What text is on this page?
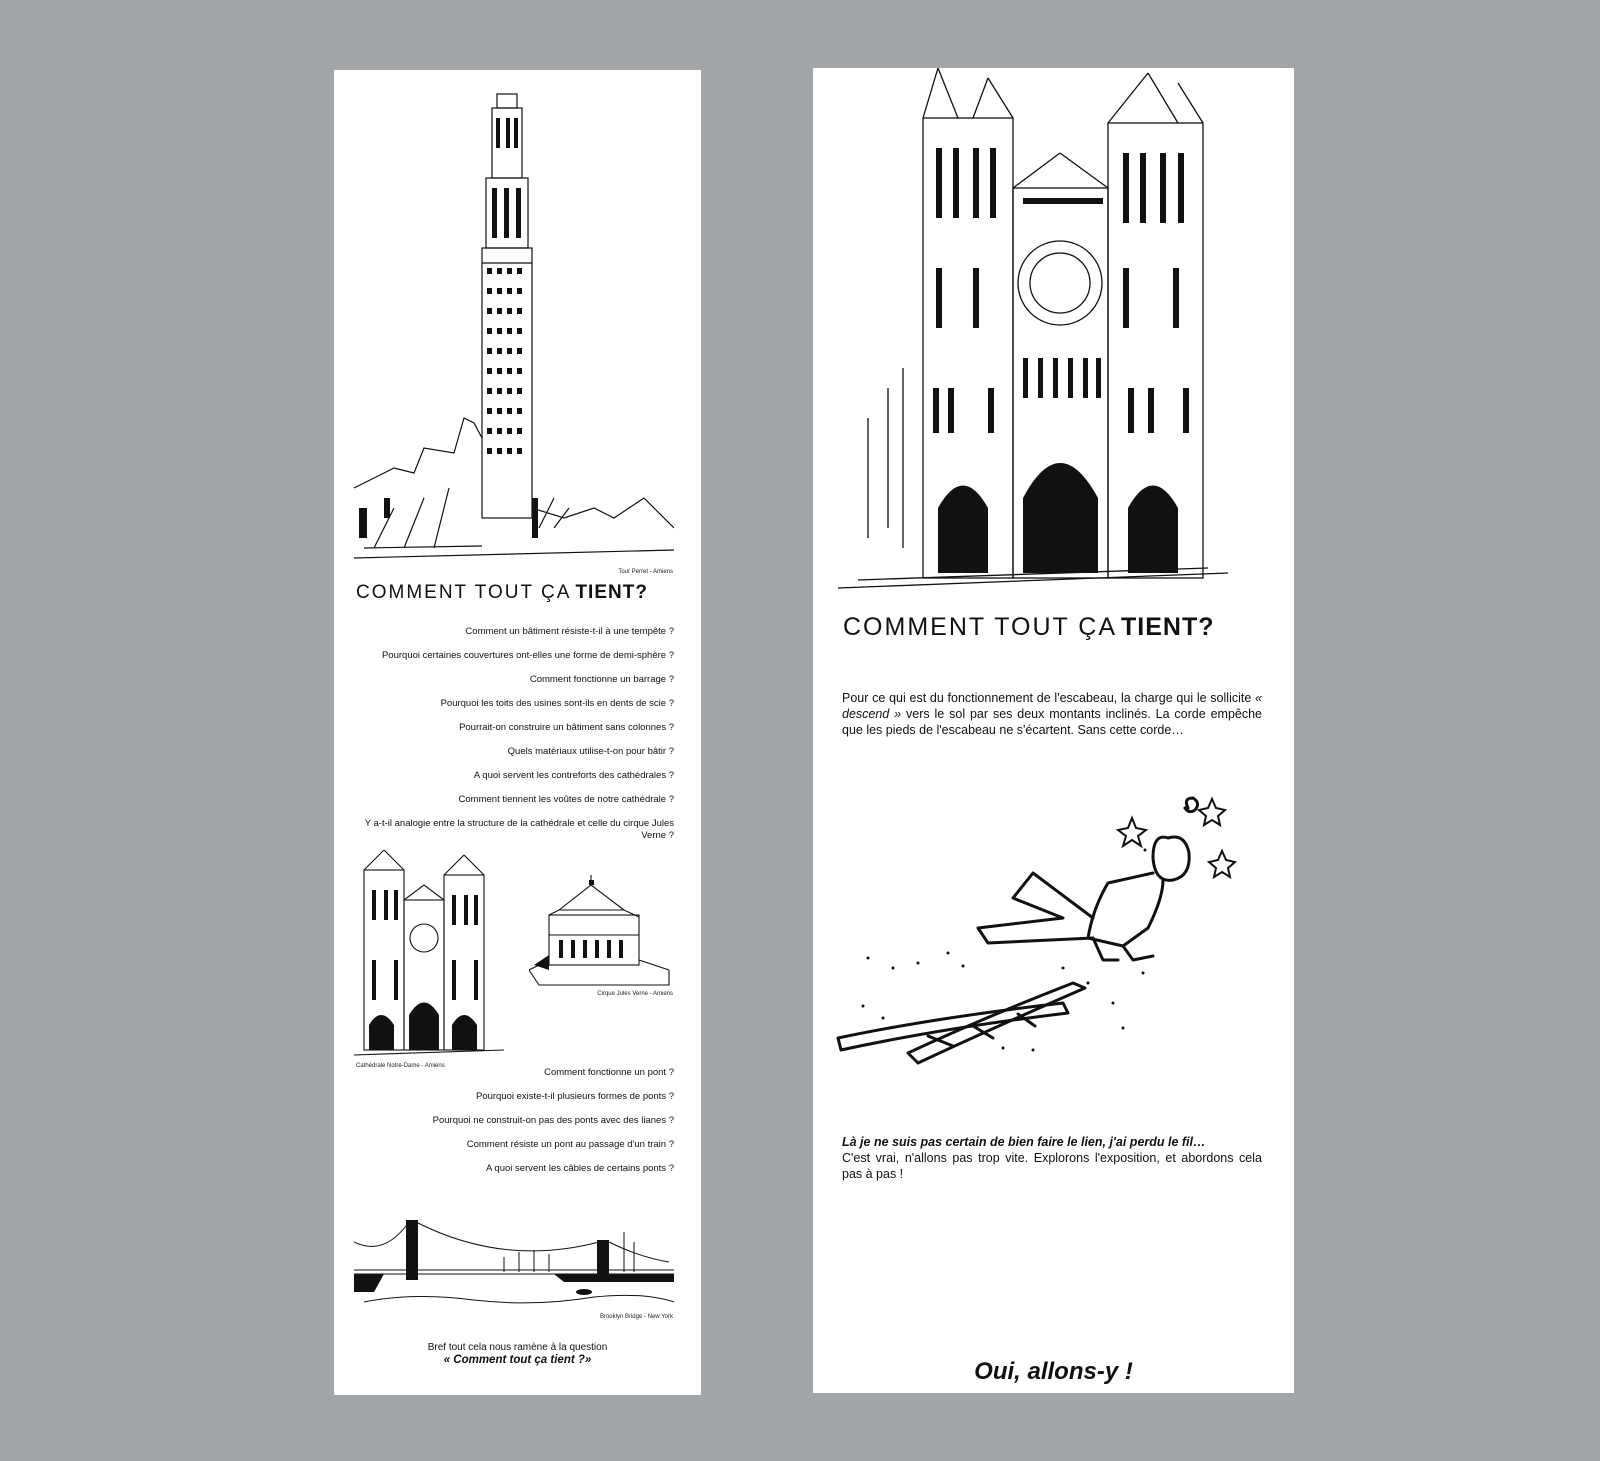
Tour Perret - Amiens
COMMENT TOUT ÇA TIENT?
Comment un bâtiment résiste-t-il à une tempête ?
Pourquoi certaines couvertures ont-elles une forme de demi-sphère ?
Comment fonctionne un barrage ?
Pourquoi les toits des usines sont-ils en dents de scie ?
Pourrait-on construire un bâtiment sans colonnes ?
Quels matériaux utilise-t-on pour bâtir ?
A quoi servent les contreforts des cathédrales ?
Comment tiennent les voûtes de notre cathédrale ?
Y a-t-il analogie entre la structure de la cathédrale et celle du cirque Jules Verne ?
Cathédrale Notre-Dame - Amiens
Cirque Jules Verne - Amiens
Comment fonctionne un pont ?
Pourquoi existe-t-il plusieurs formes de ponts ?
Pourquoi ne construit-on pas des ponts avec des lianes ?
Comment résiste un pont au passage d'un train ?
A quoi servent les câbles de certains ponts ?
Brooklyn Bridge - New York
Bref tout cela nous ramène à la question
« Comment tout ça tient ?»
COMMENT TOUT ÇA TIENT?

Pour ce qui est du fonctionnement de l'escabeau, la charge qui le sollicite « descend » vers le sol par ses deux montants inclinés. La corde empêche que les pieds de l'escabeau ne s'écartent. Sans cette corde…

Là je ne suis pas certain de bien faire le lien, j'ai perdu le fil…
C'est vrai, n'allons pas trop vite. Explorons l'exposition, et abordons cela pas à pas !
Oui, allons-y !
